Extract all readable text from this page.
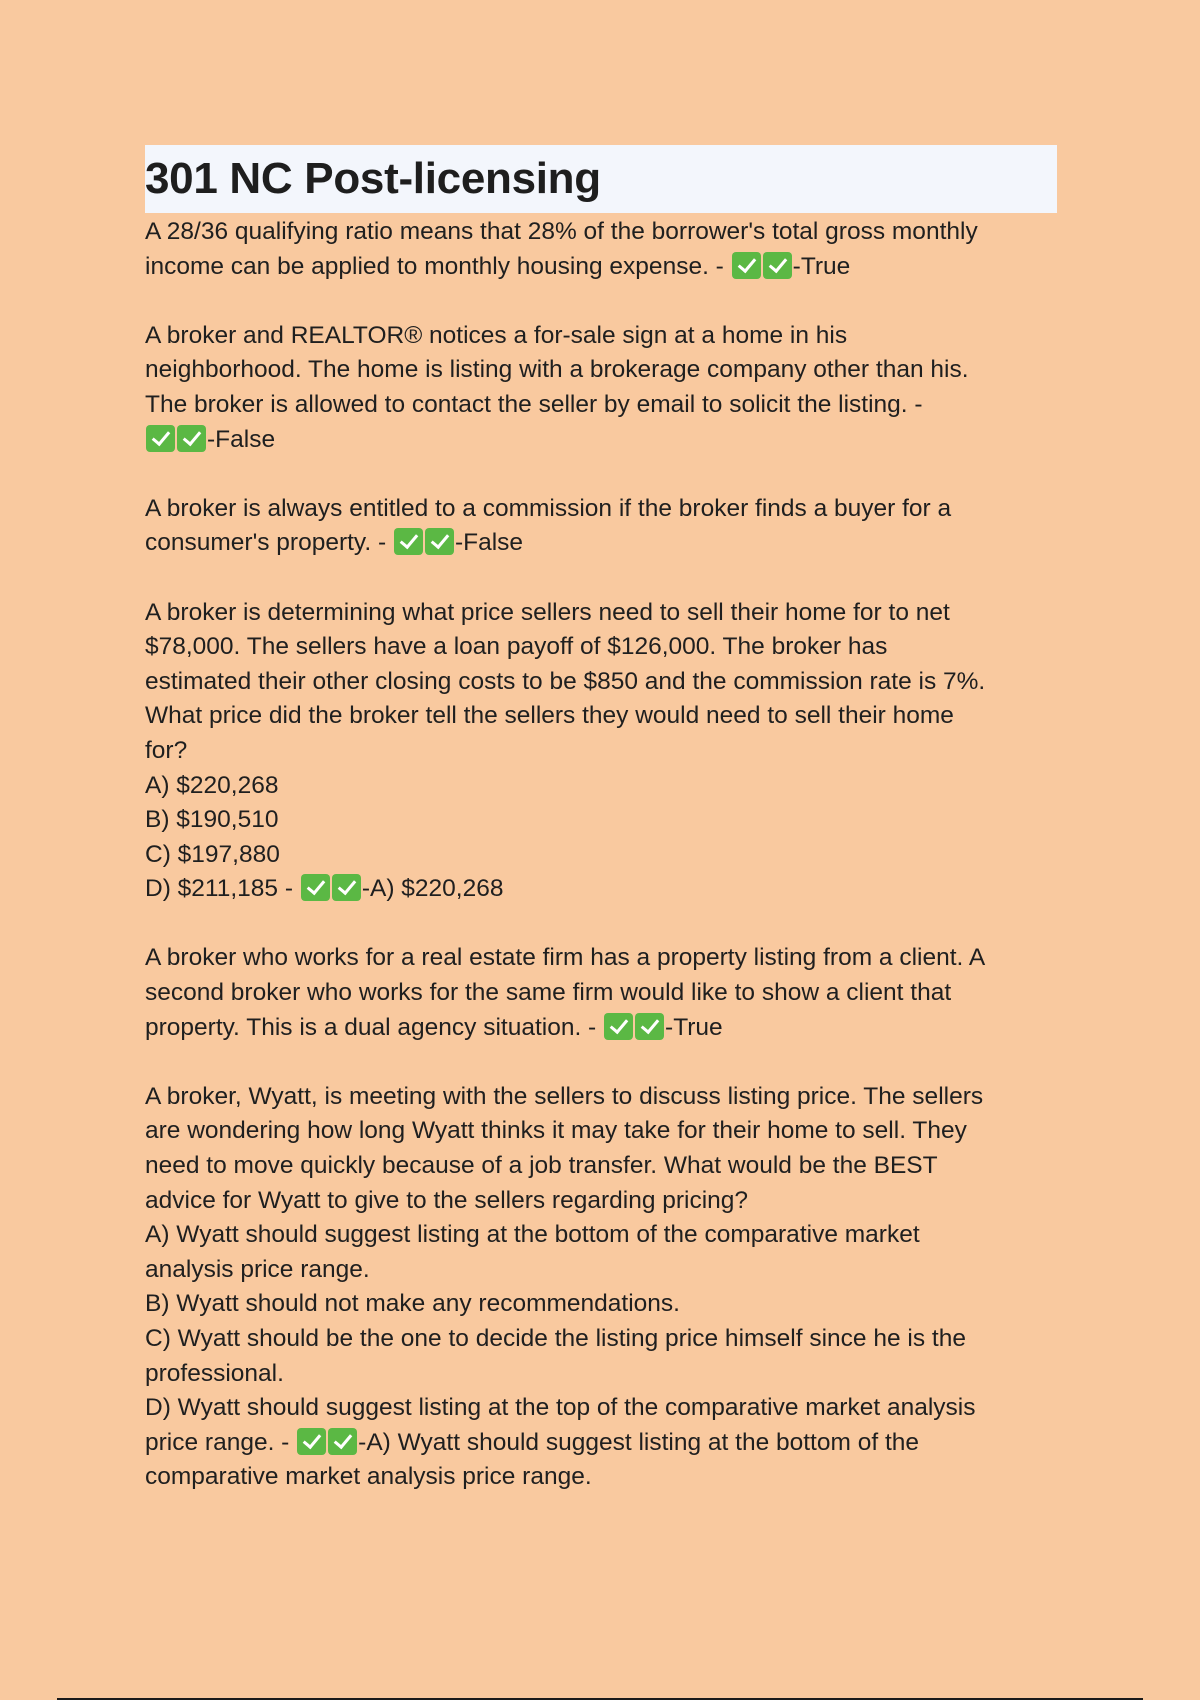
301 NC Post-licensing
A 28/36 qualifying ratio means that 28% of the borrower's total gross monthly
income can be applied to monthly housing expense. -	-True
A broker and REALTOR® notices a for-sale sign at a home in his
neighborhood. The home is listing with a brokerage company other than his.
The broker is allowed to contact the seller by email to solicit the listing. -
-False
A broker is always entitled to a commission if the broker finds a buyer for a
consumer's property. -	-False
A broker is determining what price sellers need to sell their home for to net
$78,000. The sellers have a loan payoff of $126,000. The broker has
estimated their other closing costs to be $850 and the commission rate is 7%.
What price did the broker tell the sellers they would need to sell their home
for?
A) $220,268
B) $190,510
C) $197,880
D) $211,185 -	-A) $220,268
A broker who works for a real estate firm has a property listing from a client. A
second broker who works for the same firm would like to show a client that
property. This is a dual agency situation. -	-True
A broker, Wyatt, is meeting with the sellers to discuss listing price. The sellers
are wondering how long Wyatt thinks it may take for their home to sell. They
need to move quickly because of a job transfer. What would be the BEST
advice for Wyatt to give to the sellers regarding pricing?
A) Wyatt should suggest listing at the bottom of the comparative market
analysis price range.
B) Wyatt should not make any recommendations.
C) Wyatt should be the one to decide the listing price himself since he is the
professional.
D) Wyatt should suggest listing at the top of the comparative market analysis
price range. -	-A) Wyatt should suggest listing at the bottom of the
comparative market analysis price range.
